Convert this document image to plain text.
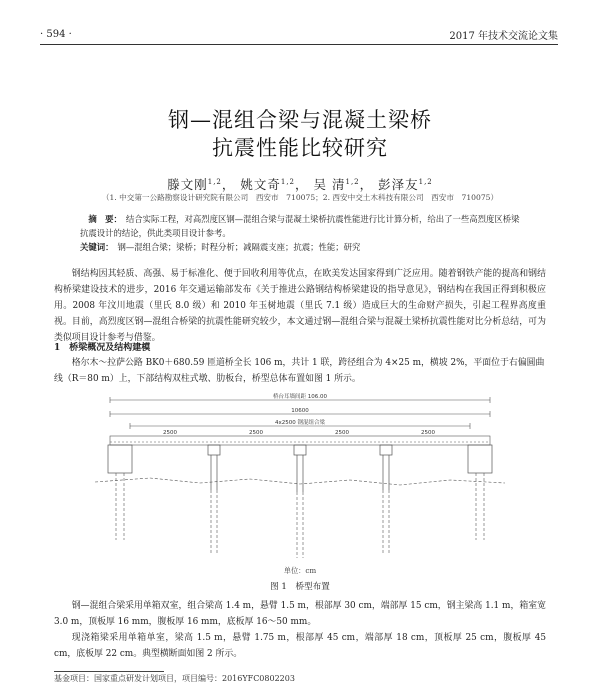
· 594 ·	2017 年技术交流论文集
钢—混组合梁与混凝土梁桥
抗震性能比较研究
滕文刚$^{1,2}$， 姚文奇$^{1,2}$， 吴 清$^{1,2}$， 彭泽友$^{1,2}$
（1. 中交第一公路勘察设计研究院有限公司　西安市　710075；2. 西安中交土木科技有限公司　西安市　710075）
摘　要： 结合实际工程，对高烈度区钢—混组合梁与混凝土梁桥抗震性能进行比计算分析，给出了一些高烈度区桥梁抗震设计的结论，供此类项目设计参考。
关键词： 钢—混组合梁；梁桥；时程分析；减隔震支座；抗震；性能；研究
钢结构因其轻质、高强、易于标准化、便于回收利用等优点，在欧美发达国家得到广泛应用。随着钢铁产能的提高和钢结构桥梁建设技术的进步，2016 年交通运输部发布《关于推进公路钢结构桥梁建设的指导意见》，钢结构在我国正得到积极应用。2008 年汶川地震（里氏 8.0 级）和 2010 年玉树地震（里氏 7.1 级）造成巨大的生命财产损失，引起工程界高度重视。目前，高烈度区钢—混组合桥梁的抗震性能研究较少，本文通过钢—混组合梁与混凝土梁桥抗震性能对比分析总结，可为类似项目设计参考与借鉴。
1　桥梁概况及结构建模
格尔木～拉萨公路 BK0＋680.59 匝道桥全长 106 m，共计 1 联，跨径组合为 4×25 m，横坡 2%，平面位于右偏圆曲线（R＝80 m）上，下部结构双柱式墩、肋板台，桥型总体布置如图 1 所示。
桥台耳墙间距 106.00
10600
4x2500 钢混组合梁
2500	2500	2500	2500
单位：cm
图 1　桥型布置
钢—混组合梁采用单箱双室，组合梁高 1.4 m，悬臂 1.5 m，根部厚 30 cm，端部厚 15 cm，钢主梁高 1.1 m，箱室宽 3.0 m，顶板厚 16 mm，腹板厚 16 mm，底板厚 16～50 mm。
现浇箱梁采用单箱单室，梁高 1.5 m，悬臂 1.75 m，根部厚 45 cm，端部厚 18 cm，顶板厚 25 cm，腹板厚 45 cm，底板厚 22 cm。典型横断面如图 2 所示。
基金项目：国家重点研发计划项目，项目编号：2016YFC0802203
